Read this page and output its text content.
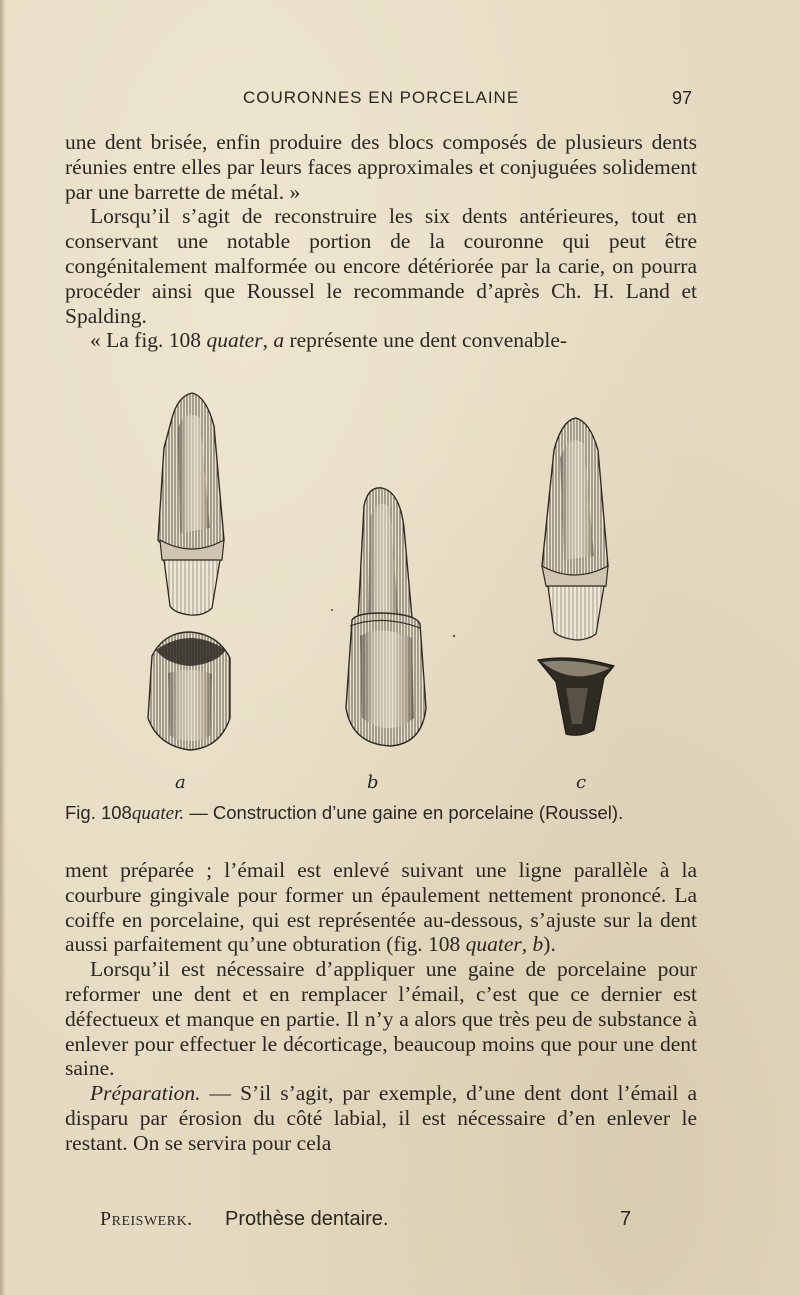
COURONNES EN PORCELAINE	97

une dent brisée, enfin produire des blocs composés de plusieurs dents réunies entre elles par leurs faces approximales et conjuguées solidement par une barrette de métal. »

Lorsqu’il s’agit de reconstruire les six dents antérieures, tout en conservant une notable portion de la couronne qui peut être congénitalement malformée ou encore détériorée par la carie, on pourra procéder ainsi que Roussel le recommande d’après Ch. H. Land et Spalding.

« La fig. 108 quater, a représente une dent convenable-

a	b	c
Fig. 108quater. — Construction d’une gaine en porcelaine (Roussel).

ment préparée ; l’émail est enlevé suivant une ligne parallèle à la courbure gingivale pour former un épaulement nettement prononcé. La coiffe en porcelaine, qui est représentée au-dessous, s’ajuste sur la dent aussi parfaitement qu’une obturation (fig. 108 quater, b).

Lorsqu’il est nécessaire d’appliquer une gaine de porcelaine pour reformer une dent et en remplacer l’émail, c’est que ce dernier est défectueux et manque en partie. Il n’y a alors que très peu de substance à enlever pour effectuer le décorticage, beaucoup moins que pour une dent saine.

Préparation. — S’il s’agit, par exemple, d’une dent dont l’émail a disparu par érosion du côté labial, il est nécessaire d’en enlever le restant. On se servira pour cela

Preiswerk. Prothèse dentaire.	7
